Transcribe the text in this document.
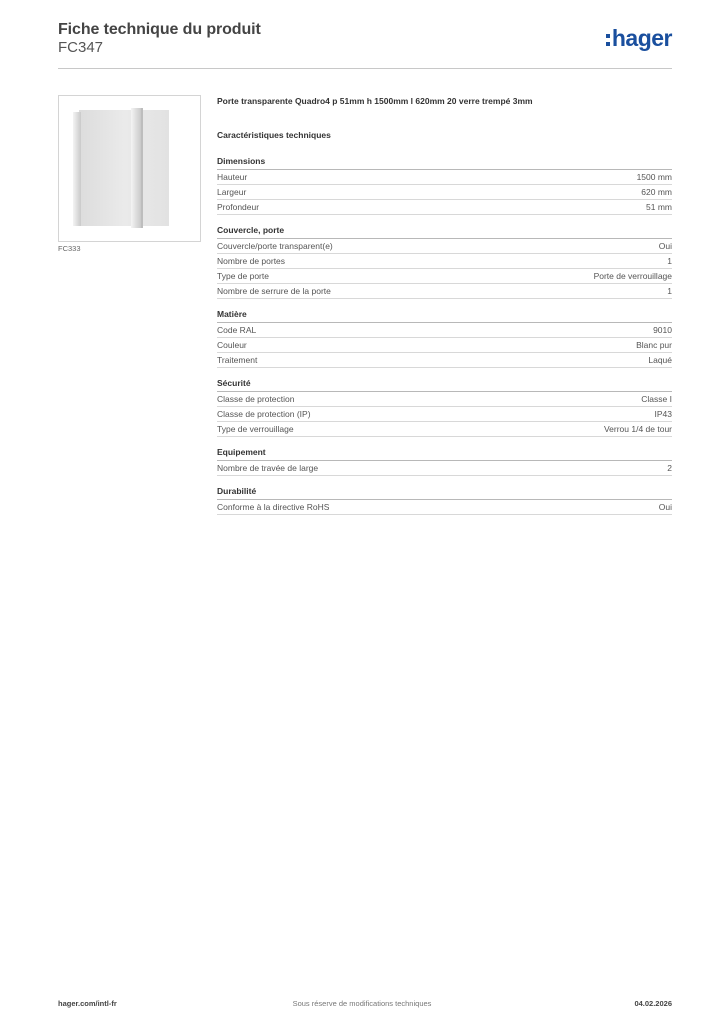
Fiche technique du produit
FC347	hager
FC333
Porte transparente Quadro4 p 51mm h 1500mm l 620mm 20 verre trempé 3mm
Caractéristiques techniques
Dimensions
Hauteur	1500 mm
Largeur	620 mm
Profondeur	51 mm
Couvercle, porte
Couvercle/porte transparent(e)	Oui
Nombre de portes	1
Type de porte	Porte de verrouillage
Nombre de serrure de la porte	1
Matière
Code RAL	9010
Couleur	Blanc pur
Traitement	Laqué
Sécurité
Classe de protection	Classe I
Classe de protection (IP)	IP43
Type de verrouillage	Verrou 1/4 de tour
Equipement
Nombre de travée de large	2
Durabilité
Conforme à la directive RoHS	Oui
hager.com/intl-fr	Sous réserve de modifications techniques	04.02.2026
